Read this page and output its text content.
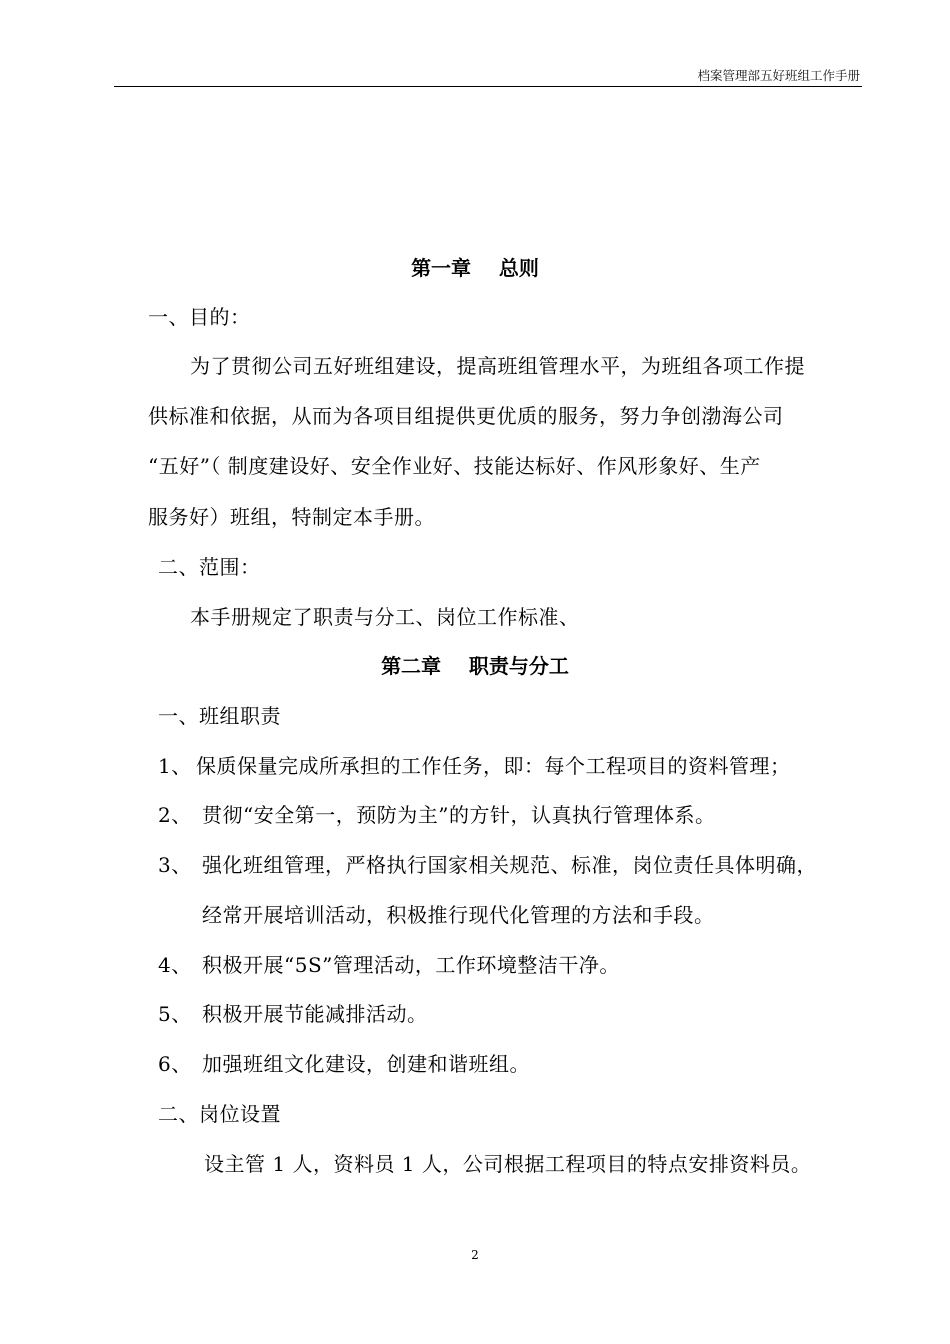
档案管理部五好班组工作手册
第一章    总则
一、目的：
为了贯彻公司五好班组建设，提高班组管理水平，为班组各项工作提
供标准和依据，从而为各项目组提供更优质的服务，努力争创渤海公司
“五好”（ 制度建设好、安全作业好、技能达标好、作风形象好、生产
服务好）班组，特制定本手册。
二、范围：
本手册规定了职责与分工、岗位工作标准、
第二章    职责与分工
一、班组职责
1、 保质保量完成所承担的工作任务，即：每个工程项目的资料管理；
2、 贯彻“安全第一，预防为主”的方针，认真执行管理体系。
3、 强化班组管理，严格执行国家相关规范、标准，岗位责任具体明确，
经常开展培训活动，积极推行现代化管理的方法和手段。
4、 积极开展“5S”管理活动，工作环境整洁干净。
5、 积极开展节能减排活动。
6、 加强班组文化建设，创建和谐班组。
二、岗位设置
设主管 1 人，资料员 1 人，公司根据工程项目的特点安排资料员。
2
